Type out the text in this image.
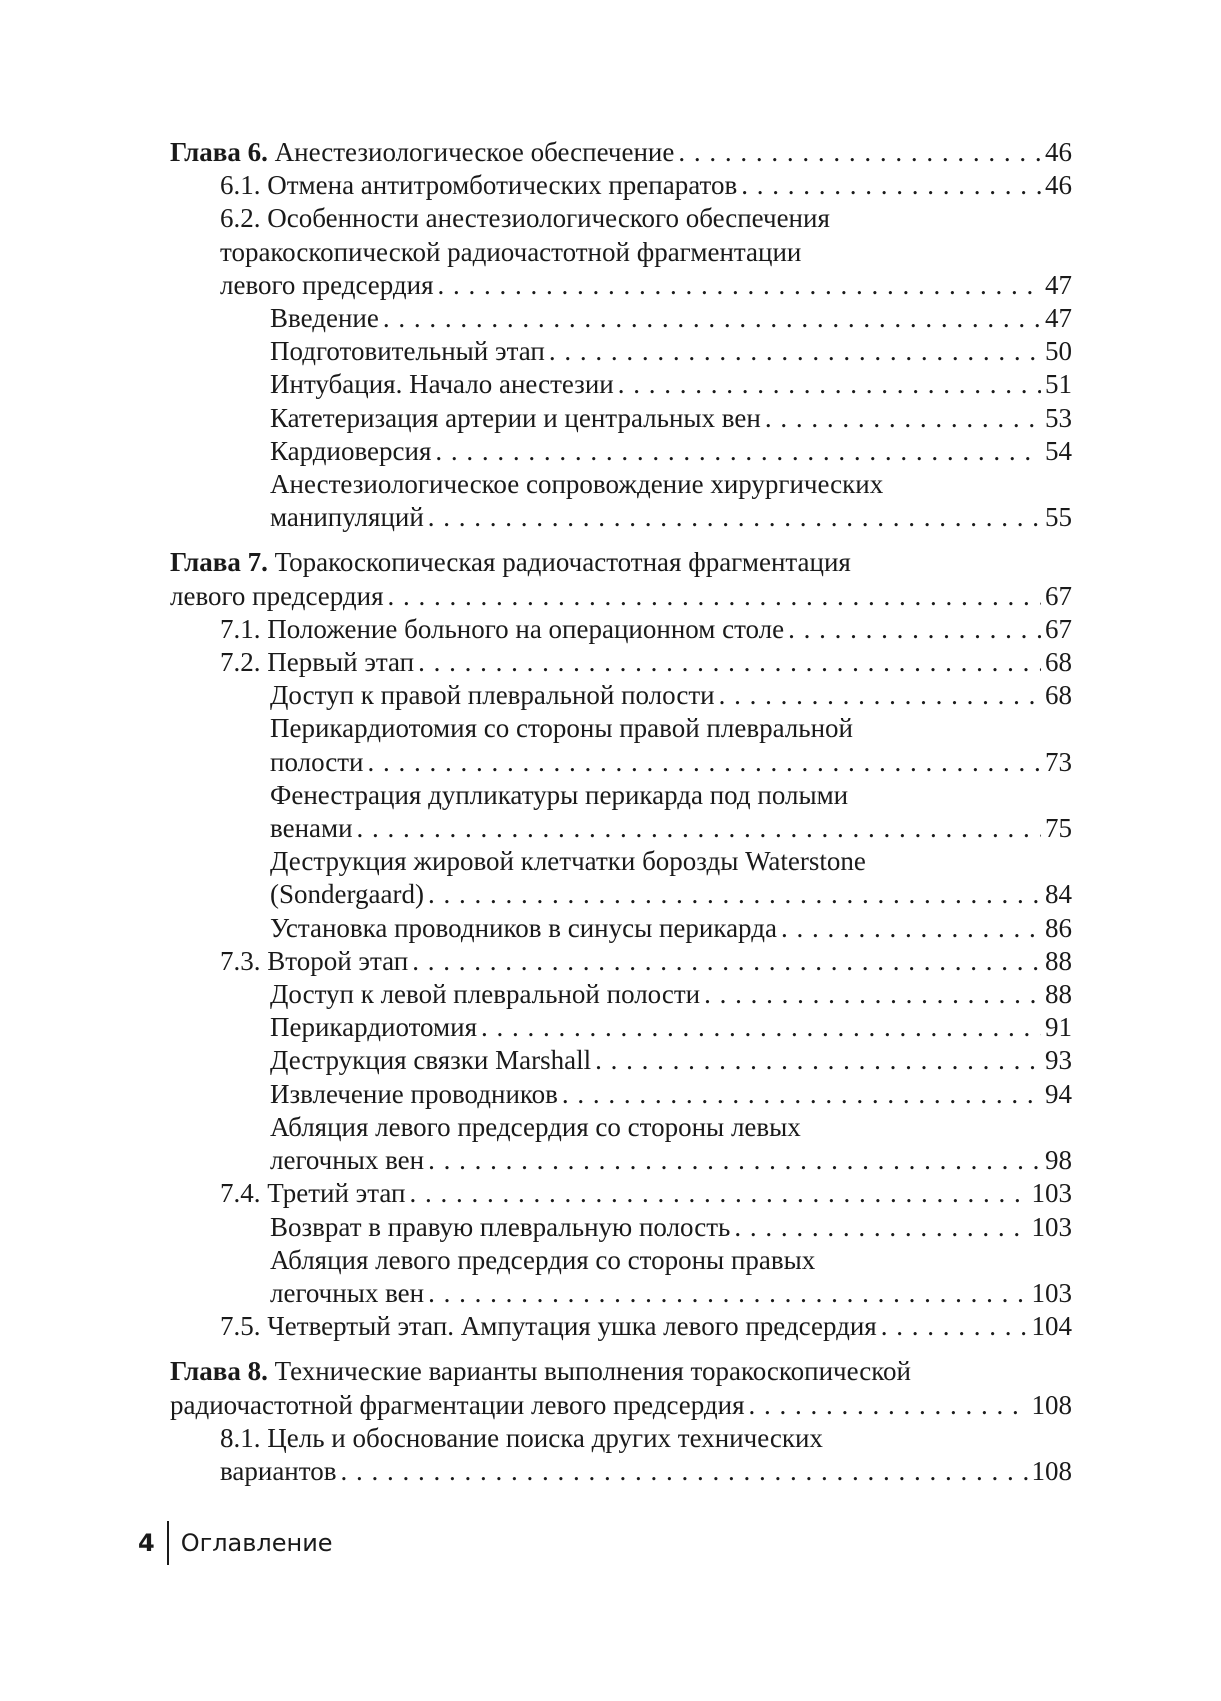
Глава 6. Анестезиологическое обеспечение . . .	46
6.1. Отмена антитромботических препаратов . . .	46
6.2. Особенности анестезиологического обеспечения
торакоскопической радиочастотной фрагментации
левого предсердия . . .	47
Введение . . .	47
Подготовительный этап . . .	50
Интубация. Начало анестезии . . .	51
Катетеризация артерии и центральных вен . . .	53
Кардиоверсия . . .	54
Анестезиологическое сопровождение хирургических
манипуляций . . .	55
Глава 7. Торакоскопическая радиочастотная фрагментация
левого предсердия . . .	67
7.1. Положение больного на операционном столе . . .	67
7.2. Первый этап . . .	68
Доступ к правой плевральной полости . . .	68
Перикардиотомия со стороны правой плевральной
полости . . .	73
Фенестрация дупликатуры перикарда под полыми
венами . . .	75
Деструкция жировой клетчатки борозды Waterstone
(Sondergaard) . . .	84
Установка проводников в синусы перикарда . . .	86
7.3. Второй этап . . .	88
Доступ к левой плевральной полости . . .	88
Перикардиотомия . . .	91
Деструкция связки Marshall . . .	93
Извлечение проводников . . .	94
Абляция левого предсердия со стороны левых
легочных вен . . .	98
7.4. Третий этап . . .	103
Возврат в правую плевральную полость . . .	103
Абляция левого предсердия со стороны правых
легочных вен . . .	103
7.5. Четвертый этап. Ампутация ушка левого предсердия . . .	104
Глава 8. Технические варианты выполнения торакоскопической
радиочастотной фрагментации левого предсердия . . .	108
8.1. Цель и обоснование поиска других технических
вариантов . . .	108
4 Оглавление
